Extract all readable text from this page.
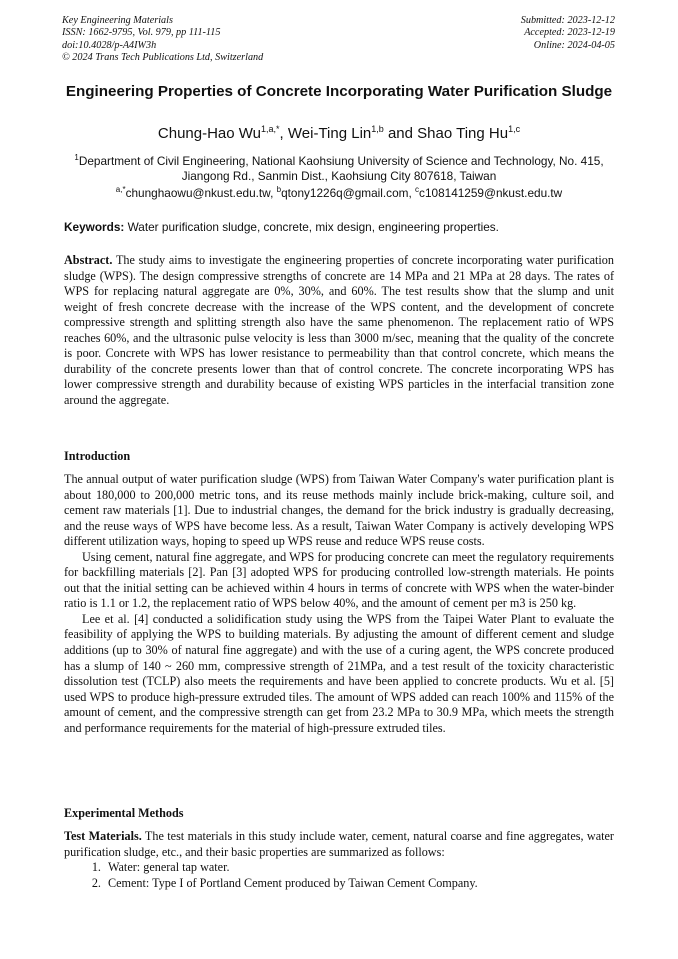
Key Engineering Materials
ISSN: 1662-9795, Vol. 979, pp 111-115
doi:10.4028/p-A4IW3h
© 2024 Trans Tech Publications Ltd, Switzerland
Submitted: 2023-12-12
Accepted: 2023-12-19
Online: 2024-04-05
Engineering Properties of Concrete Incorporating Water Purification Sludge
Chung-Hao $Wu^{1,a,*}$, Wei-Ting Lin$^{1,b}$ and Shao Ting Hu$^{1,c}$
$^1$Department of Civil Engineering, National Kaohsiung University of Science and Technology, No. 415, Jiangong Rd., Sanmin Dist., Kaohsiung City 807618, Taiwan
$^{a,*}$chunghaowu@nkust.edu.tw, $^b$qtony1226q@gmail.com, $^c$c108141259@nkust.edu.tw
Keywords: Water purification sludge, concrete, mix design, engineering properties.

Abstract. The study aims to investigate the engineering properties of concrete incorporating water purification sludge (WPS). The design compressive strengths of concrete are 14 MPa and 21 MPa at 28 days. The rates of WPS for replacing natural aggregate are 0%, 30%, and 60%. The test results show that the slump and unit weight of fresh concrete decrease with the increase of the WPS content, and the development of concrete compressive strength and splitting strength also have the same phenomenon. The replacement ratio of WPS reaches 60%, and the ultrasonic pulse velocity is less than 3000 m/sec, meaning that the quality of the concrete is poor. Concrete with WPS has lower resistance to permeability than that control concrete, which means the durability of the concrete presents lower than that of control concrete. The concrete incorporating WPS has lower compressive strength and durability because of existing WPS particles in the interfacial transition zone around the aggregate.

Introduction

The annual output of water purification sludge (WPS) from Taiwan Water Company's water purification plant is about 180,000 to 200,000 metric tons, and its reuse methods mainly include brick-making, culture soil, and cement raw materials [1]. Due to industrial changes, the demand for the brick industry is gradually decreasing, and the reuse ways of WPS have become less. As a result, Taiwan Water Company is actively developing WPS different utilization ways, hoping to speed up WPS reuse and reduce WPS reuse costs.

Using cement, natural fine aggregate, and WPS for producing concrete can meet the regulatory requirements for backfilling materials [2]. Pan [3] adopted WPS for producing controlled low-strength materials. He points out that the initial setting can be achieved within 4 hours in terms of concrete with WPS when the water-binder ratio is 1.1 or 1.2, the replacement ratio of WPS below 40%, and the amount of cement per m3 is 250 kg.

Lee et al. [4] conducted a solidification study using the WPS from the Taipei Water Plant to evaluate the feasibility of applying the WPS to building materials. By adjusting the amount of different cement and sludge additions (up to 30% of natural fine aggregate) and with the use of a curing agent, the WPS concrete produced has a slump of 140 ~ 260 mm, compressive strength of 21MPa, and a test result of the toxicity characteristic dissolution test (TCLP) also meets the requirements and have been applied to concrete products. Wu et al. [5] used WPS to produce high-pressure extruded tiles. The amount of WPS added can reach 100% and 115% of the amount of cement, and the compressive strength can get from 23.2 MPa to 30.9 MPa, which meets the strength and performance requirements for the material of high-pressure extruded tiles.

Experimental Methods

Test Materials. The test materials in this study include water, cement, natural coarse and fine aggregates, water purification sludge, etc., and their basic properties are summarized as follows:

1. Water: general tap water.
2. Cement: Type I of Portland Cement produced by Taiwan Cement Company.
